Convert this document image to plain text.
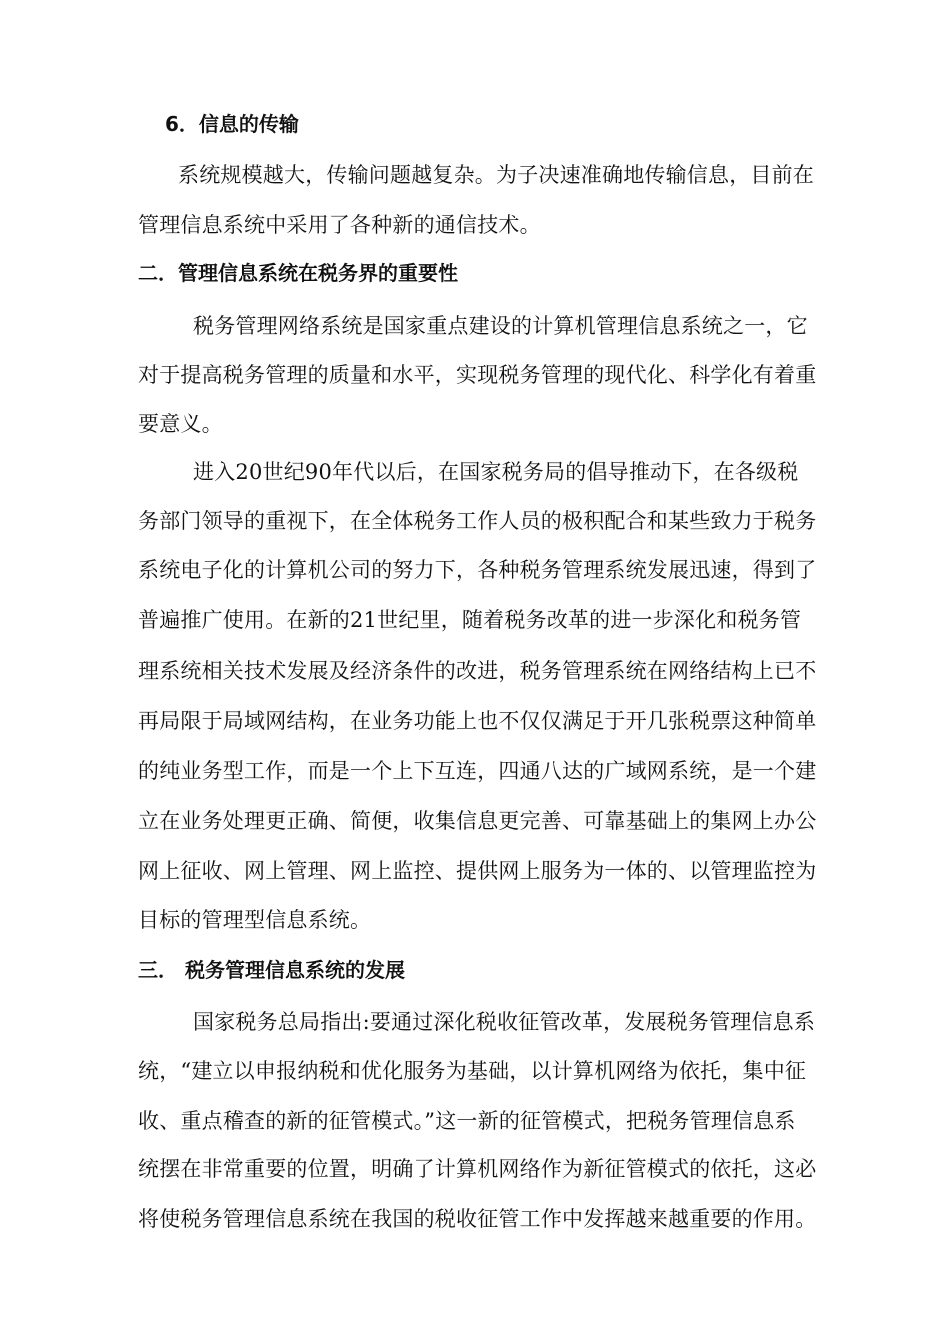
6．信息的传输
系统规模越大，传输问题越复杂。为子决速准确地传输信息，目前在
管理信息系统中采用了各种新的通信技术。
二．管理信息系统在税务界的重要性
税务管理网络系统是国家重点建设的计算机管理信息系统之一，它
对于提高税务管理的质量和水平，实现税务管理的现代化、科学化有着重
要意义。
进入20世纪90年代以后，在国家税务局的倡导推动下，在各级税
务部门领导的重视下，在全体税务工作人员的极积配合和某些致力于税务
系统电子化的计算机公司的努力下，各种税务管理系统发展迅速，得到了
普遍推广使用。在新的21世纪里，随着税务改革的进一步深化和税务管
理系统相关技术发展及经济条件的改进，税务管理系统在网络结构上已不
再局限于局域网结构，在业务功能上也不仅仅满足于开几张税票这种简单
的纯业务型工作，而是一个上下互连，四通八达的广域网系统，是一个建
立在业务处理更正确、简便，收集信息更完善、可靠基础上的集网上办公
网上征收、网上管理、网上监控、提供网上服务为一体的、以管理监控为
目标的管理型信息系统。
三． 税务管理信息系统的发展
国家税务总局指出:要通过深化税收征管改革，发展税务管理信息系
统，“建立以申报纳税和优化服务为基础，以计算机网络为依托，集中征
收、重点稽查的新的征管模式。”这一新的征管模式，把税务管理信息系
统摆在非常重要的位置，明确了计算机网络作为新征管模式的依托，这必
将使税务管理信息系统在我国的税收征管工作中发挥越来越重要的作用。
